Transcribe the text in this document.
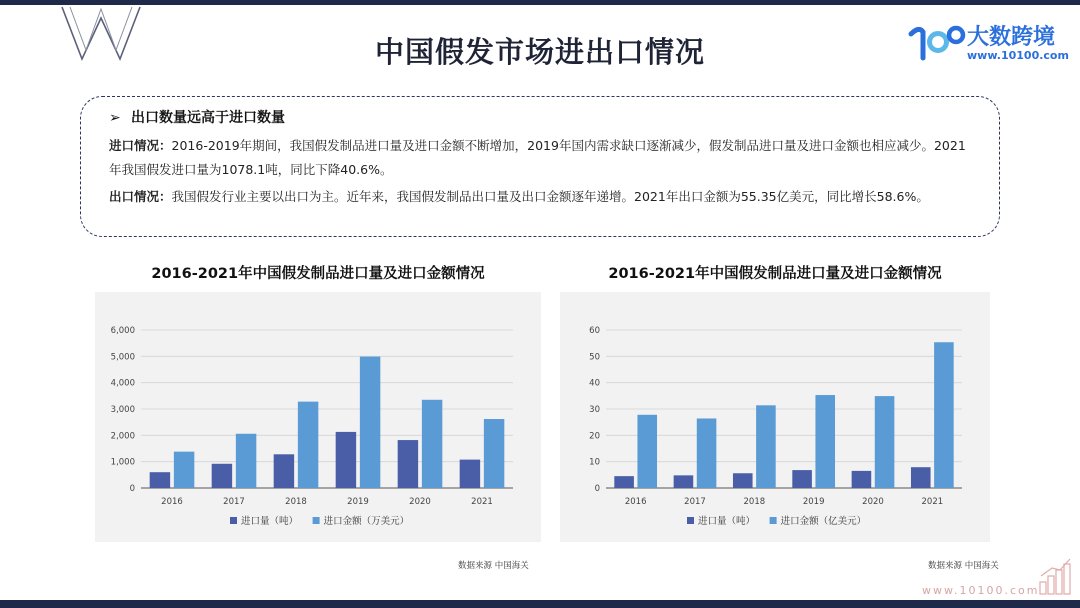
中国假发市场进出口情况	大数跨境
www.10100.com
➢ 出口数量远高于进口数量

进口情况：2016-2019年期间，我国假发制品进口量及进口金额不断增加，2019年国内需求缺口逐渐减少，假发制品进口量及进口金额也相应减少。2021年我国假发进口量为1078.1吨，同比下降40.6%。

出口情况：我国假发行业主要以出口为主。近年来，我国假发制品出口量及出口金额逐年递增。2021年出口金额为55.35亿美元，同比增长58.6%。

2016-2021年中国假发制品进口量及进口金额情况
0
1,000
2,000
3,000
4,000
5,000
6,000
2016	2017	2018	2019	2020	2021
进口量（吨）	进口金额（万美元）
数据来源 中国海关
2016-2021年中国假发制品进口量及进口金额情况
0
10
20
30
40
50
60
2016	2017	2018	2019	2020	2021
进口量（吨）	进口金额（亿美元）
数据来源 中国海关
www.10100.com
